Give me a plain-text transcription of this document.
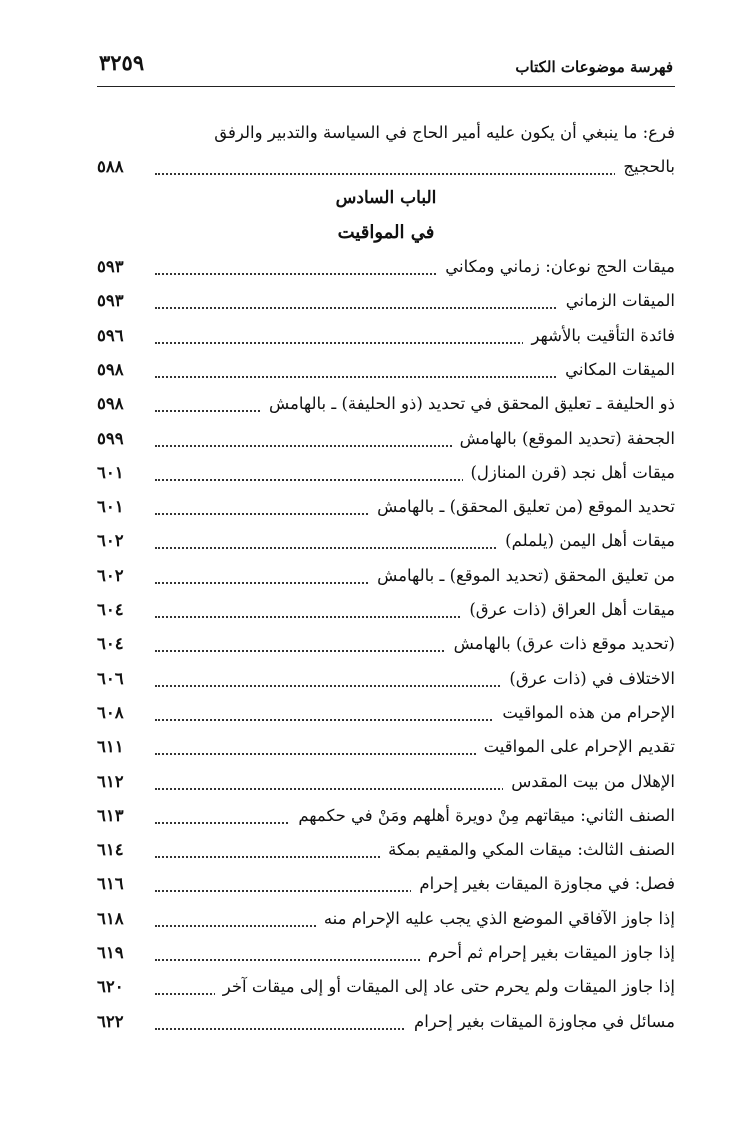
فهرسة موضوعات الكتاب
٣٢٥٩
فرع: ما ينبغي أن يكون عليه أمير الحاج في السياسة والتدبير والرفق
بالحجيج
٥٨٨
الباب السادس
في المواقيت
ميقات الحج نوعان: زماني ومكاني
٥٩٣
الميقات الزماني
٥٩٣
فائدة التأقيت بالأشهر
٥٩٦
الميقات المكاني
٥٩٨
ذو الحليفة ـ تعليق المحقق في تحديد (ذو الحليفة) ـ بالهامش
٥٩٨
الجحفة (تحديد الموقع) بالهامش
٥٩٩
ميقات أهل نجد (قرن المنازل)
٦٠١
تحديد الموقع (من تعليق المحقق) ـ بالهامش
٦٠١
ميقات أهل اليمن (يلملم)
٦٠٢
من تعليق المحقق (تحديد الموقع) ـ بالهامش
٦٠٢
ميقات أهل العراق (ذات عرق)
٦٠٤
(تحديد موقع ذات عرق) بالهامش
٦٠٤
الاختلاف في (ذات عرق)
٦٠٦
الإحرام من هذه المواقيت
٦٠٨
تقديم الإحرام على المواقيت
٦١١
الإهلال من بيت المقدس
٦١٢
الصنف الثاني: ميقاتهم مِنْ دويرة أهلهم ومَنْ في حكمهم
٦١٣
الصنف الثالث: ميقات المكي والمقيم بمكة
٦١٤
فصل: في مجاوزة الميقات بغير إحرام
٦١٦
إذا جاوز الآفاقي الموضع الذي يجب عليه الإحرام منه
٦١٨
إذا جاوز الميقات بغير إحرام ثم أحرم
٦١٩
إذا جاوز الميقات ولم يحرم حتى عاد إلى الميقات أو إلى ميقات آخر
٦٢٠
مسائل في مجاوزة الميقات بغير إحرام
٦٢٢
